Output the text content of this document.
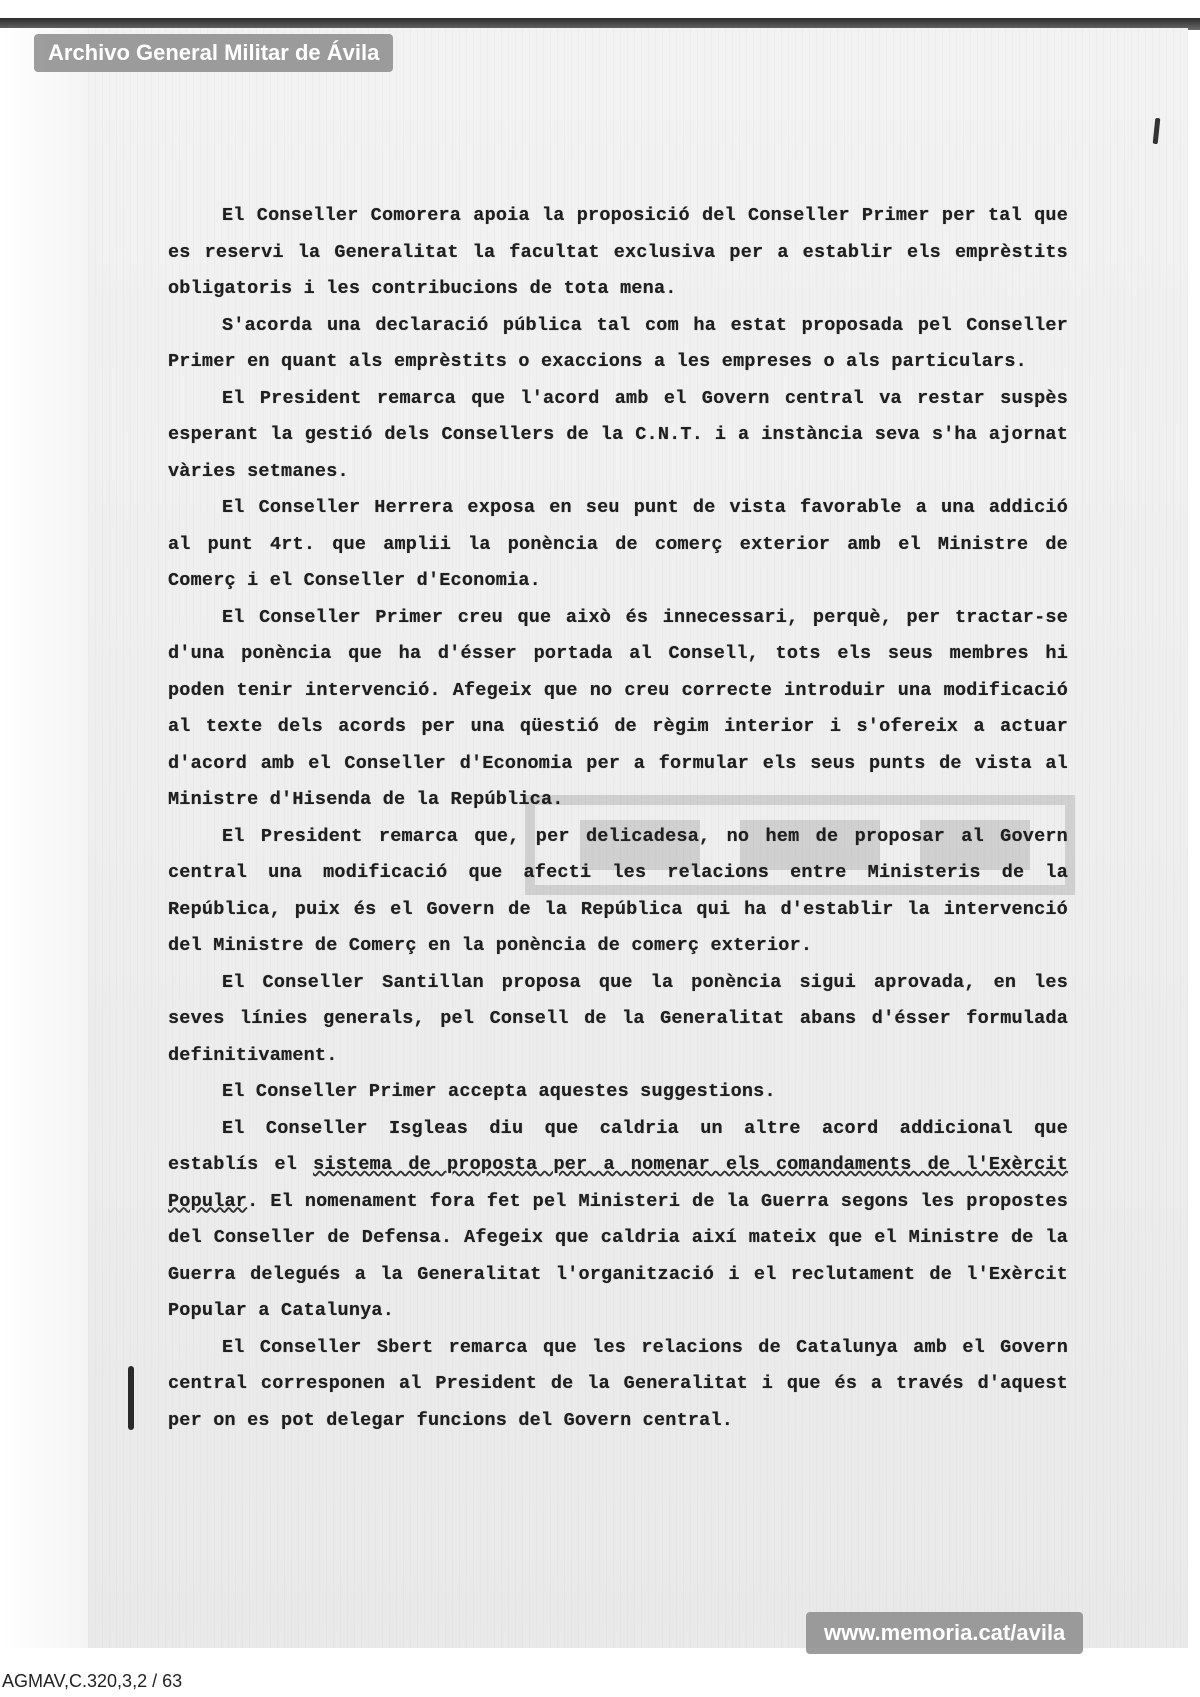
Archivo General Militar de Ávila

El Conseller Comorera apoia la proposició del Conseller Primer per tal que es reservi la Generalitat la facultat exclusiva per a establir els emprèstits obligatoris i les contribucions de tota mena.

S'acorda una declaració pública tal com ha estat proposada pel Conseller Primer en quant als emprèstits o exaccions a les empreses o als particulars.

El President remarca que l'acord amb el Govern central va restar suspès esperant la gestió dels Consellers de la C.N.T. i a instància seva s'ha ajornat vàries setmanes.

El Conseller Herrera exposa en seu punt de vista favorable a una addició al punt 4rt. que amplii la ponència de comerç exterior amb el Ministre de Comerç i el Conseller d'Economia.

El Conseller Primer creu que això és innecessari, perquè, per tractar-se d'una ponència que ha d'ésser portada al Consell, tots els seus membres hi poden tenir intervenció. Afegeix que no creu correcte introduir una modificació al texte dels acords per una qüestió de règim interior i s'ofereix a actuar d'acord amb el Conseller d'Economia per a formular els seus punts de vista al Ministre d'Hisenda de la República.

El President remarca que, per delicadesa, no hem de proposar al Govern central una modificació que afecti les relacions entre Ministeris de la República, puix és el Govern de la República qui ha d'establir la intervenció del Ministre de Comerç en la ponència de comerç exterior.

El Conseller Santillan proposa que la ponència sigui aprovada, en les seves línies generals, pel Consell de la Generalitat abans d'ésser formulada definitivament.

El Conseller Primer accepta aquestes suggestions.

El Conseller Isgleas diu que caldria un altre acord addicional que establís el sistema de proposta per a nomenar els comandaments de l'Exèrcit Popular. El nomenament fora fet pel Ministeri de la Guerra segons les propostes del Conseller de Defensa. Afegeix que caldria així mateix que el Ministre de la Guerra delegués a la Generalitat l'organització i el reclutament de l'Exèrcit Popular a Catalunya.

El Conseller Sbert remarca que les relacions de Catalunya amb el Govern central corresponen al President de la Generalitat i que és a través d'aquest per on es pot delegar funcions del Govern central.

www.memoria.cat/avila
AGMAV,C.320,3,2 / 63
